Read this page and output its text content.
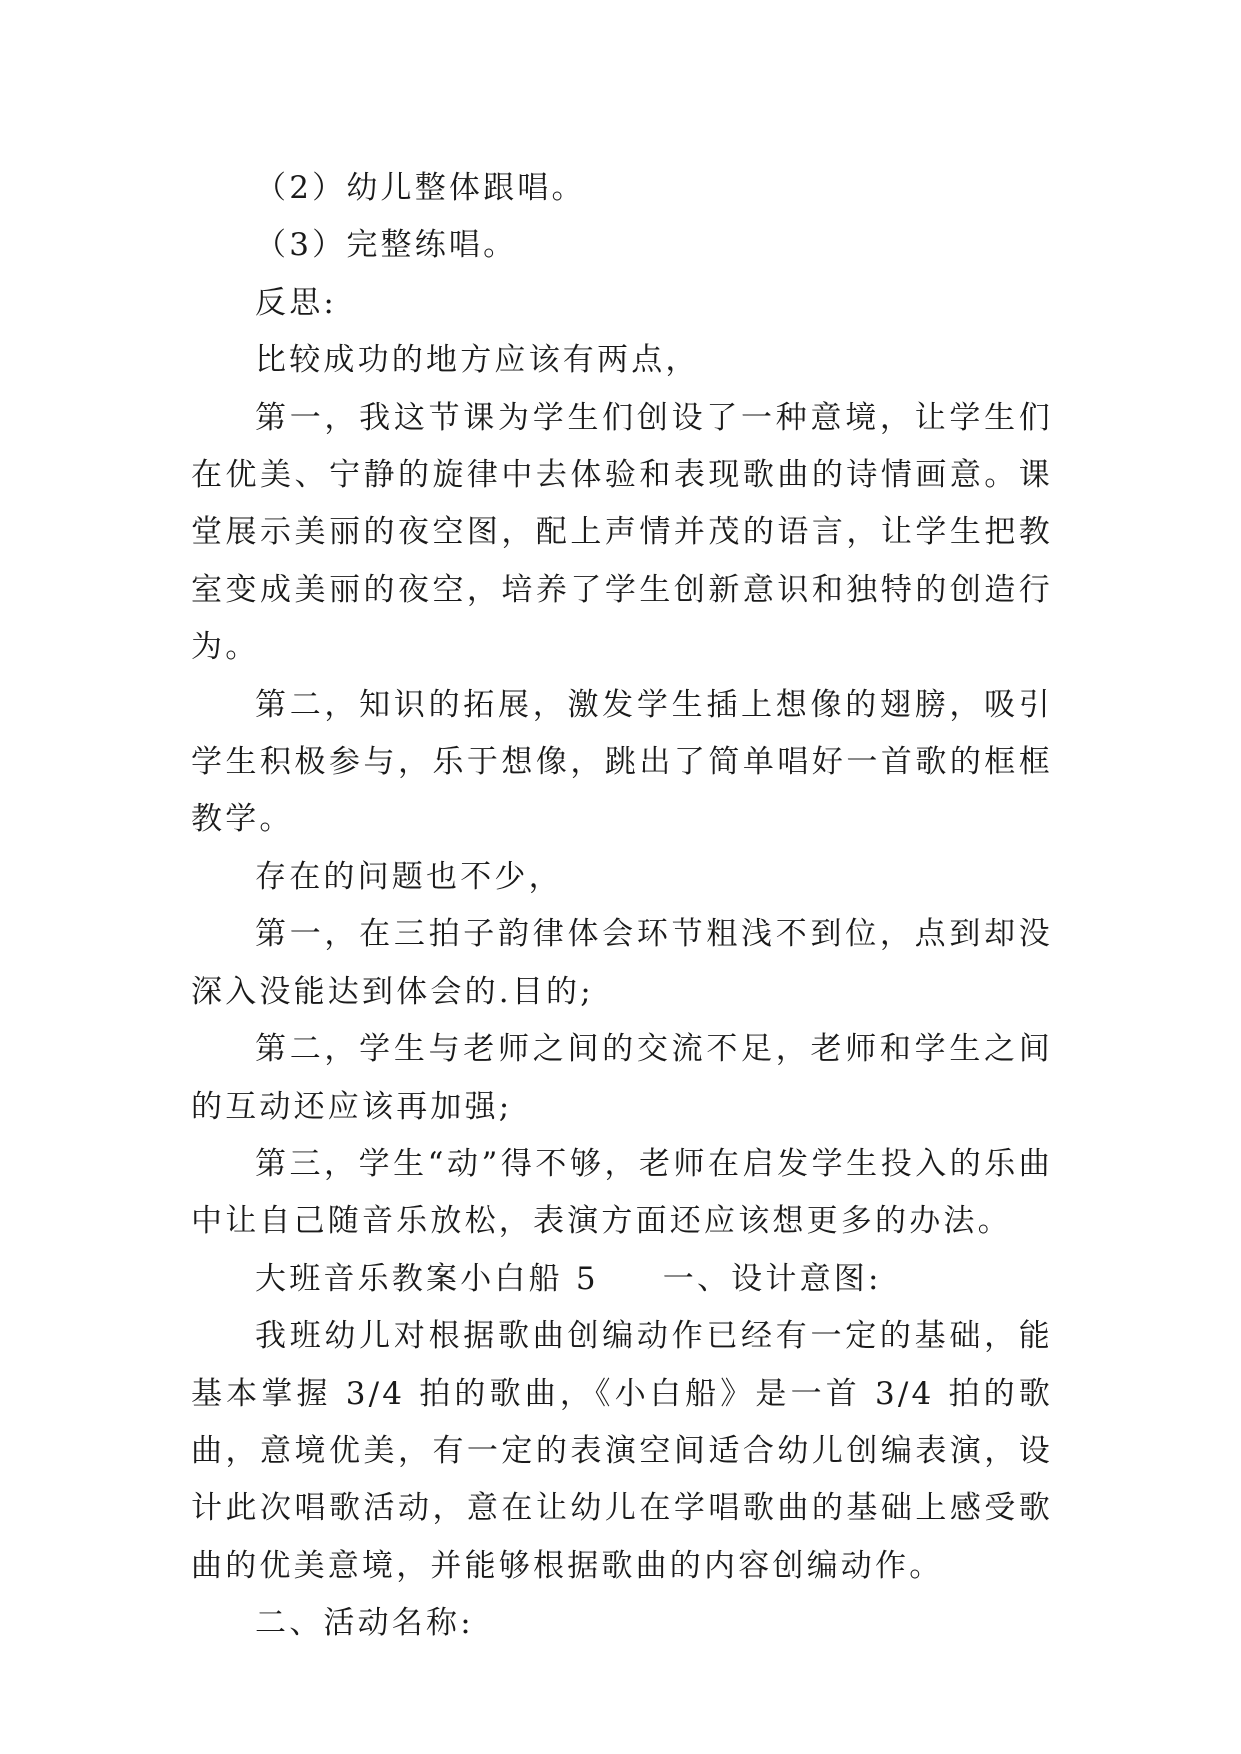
（2）幼儿整体跟唱。

（3）完整练唱。

反思:

比较成功的地方应该有两点，

第一，我这节课为学生们创设了一种意境，让学生们在优美、宁静的旋律中去体验和表现歌曲的诗情画意。课堂展示美丽的夜空图，配上声情并茂的语言，让学生把教室变成美丽的夜空，培养了学生创新意识和独特的创造行为。

第二，知识的拓展，激发学生插上想像的翅膀，吸引学生积极参与，乐于想像，跳出了简单唱好一首歌的框框教学。

存在的问题也不少，

第一，在三拍子韵律体会环节粗浅不到位，点到却没深入没能达到体会的.目的;

第二，学生与老师之间的交流不足，老师和学生之间的互动还应该再加强;

第三，学生“动”得不够，老师在启发学生投入的乐曲中让自己随音乐放松，表演方面还应该想更多的办法。

大班音乐教案小白船 5 一、设计意图:

我班幼儿对根据歌曲创编动作已经有一定的基础，能基本掌握 3/4 拍的歌曲，《小白船》是一首 3/4 拍的歌曲，意境优美，有一定的表演空间适合幼儿创编表演，设计此次唱歌活动，意在让幼儿在学唱歌曲的基础上感受歌曲的优美意境，并能够根据歌曲的内容创编动作。

二、活动名称:
